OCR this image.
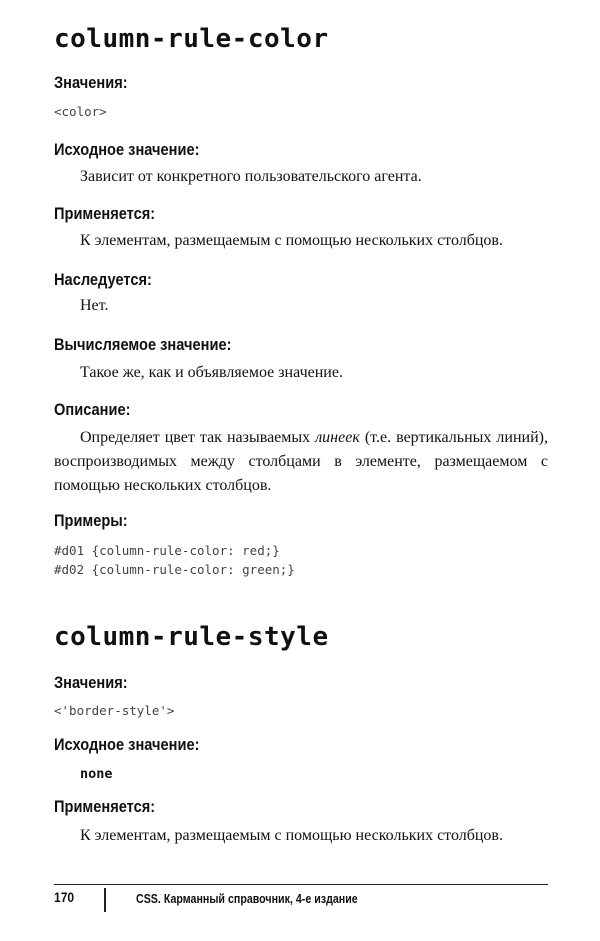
column-rule-color
Значения:
<color>
Исходное значение:
Зависит от конкретного пользовательского агента.
Применяется:
К элементам, размещаемым с помощью нескольких столбцов.
Наследуется:
Нет.
Вычисляемое значение:
Такое же, как и объявляемое значение.
Описание:
Определяет цвет так называемых линеек (т.е. вертикальных линий), воспроизводимых между столбцами в элементе, размещаемом с помощью нескольких столбцов.
Примеры:
#d01 {column-rule-color: red;}
#d02 {column-rule-color: green;}
column-rule-style
Значения:
<'border-style'>
Исходное значение:
none
Применяется:
К элементам, размещаемым с помощью нескольких столбцов.
170	CSS. Карманный справочник, 4-е издание
